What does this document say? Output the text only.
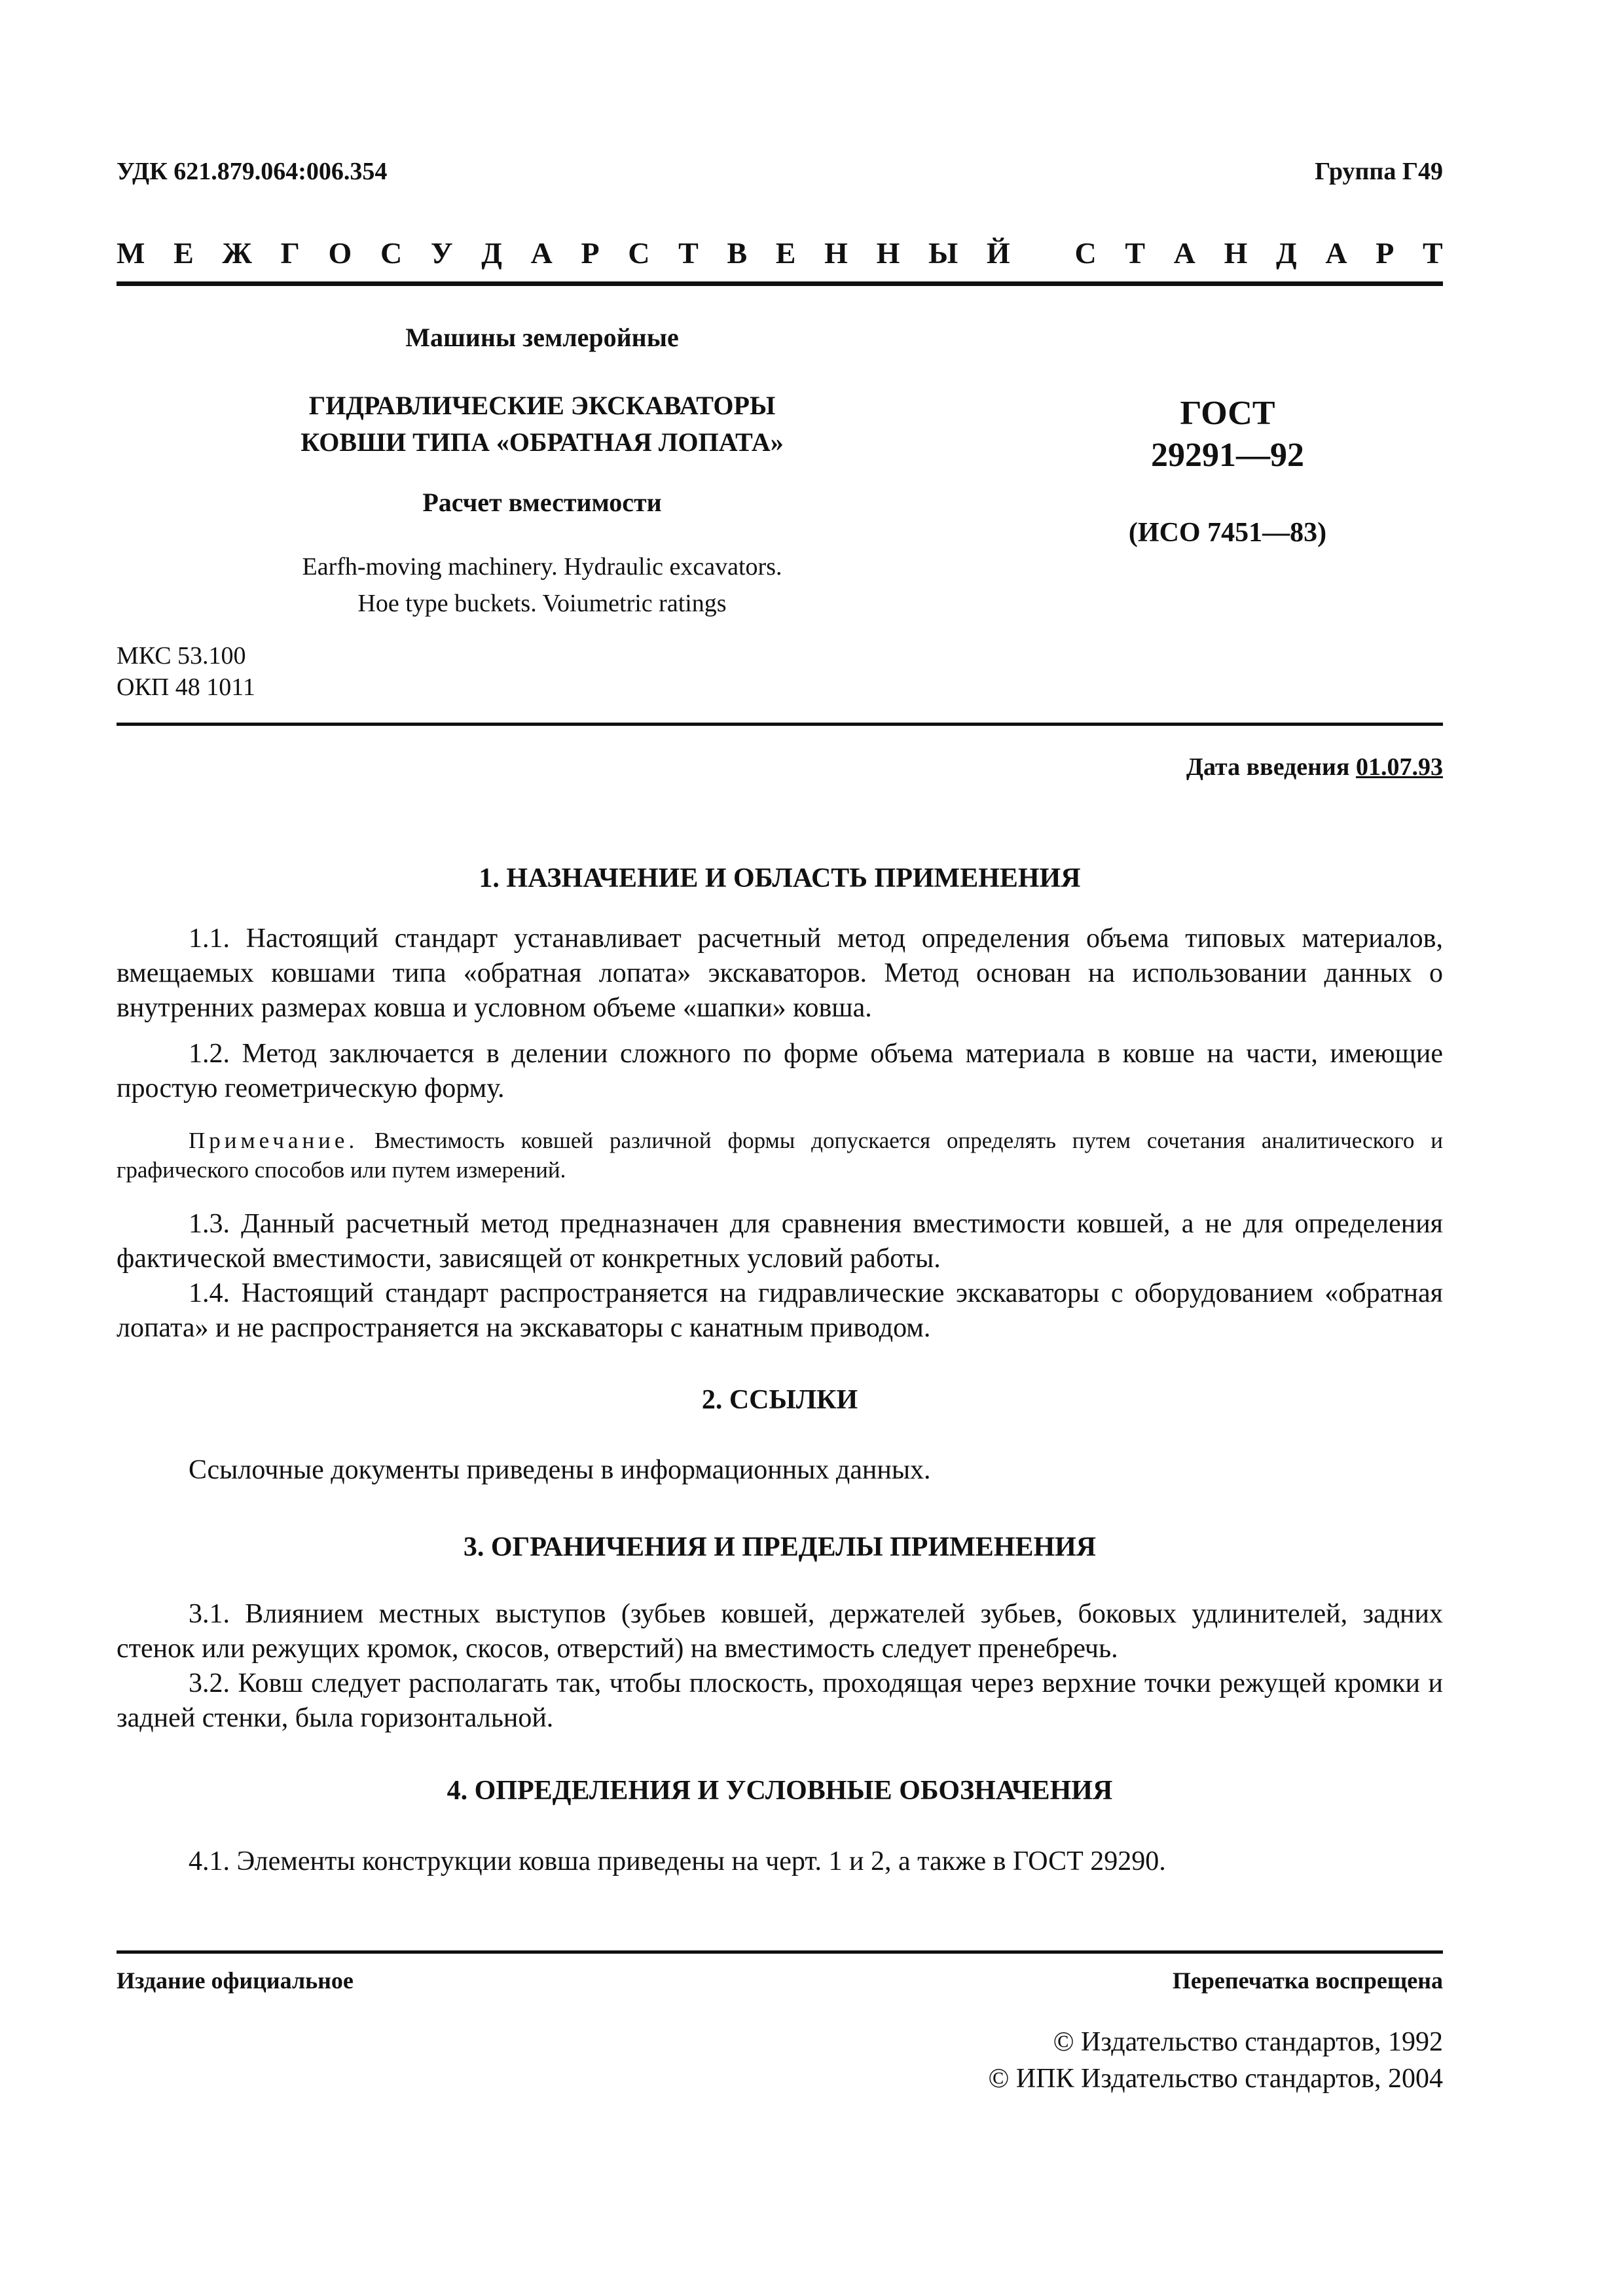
УДК 621.879.064:006.354	Группа Г49
М Е Ж Г О С У Д А Р С Т В Е Н Н Ы Й
С Т А Н Д А Р Т
Машины землеройные
ГИДРАВЛИЧЕСКИЕ ЭКСКАВАТОРЫ
КОВШИ ТИПА «ОБРАТНАЯ ЛОПАТА»
Расчет вместимости
Earfh-moving machinery. Hydraulic excavators.
Hoe type buckets. Voiumetric ratings
ГОСТ
29291—92
(ИСО 7451—83)
МКС 53.100
ОКП 48 1011
Дата введения 01.07.93
1. НАЗНАЧЕНИЕ И ОБЛАСТЬ ПРИМЕНЕНИЯ
1.1. Настоящий стандарт устанавливает расчетный метод определения объема типовых материалов, вмещаемых ковшами типа «обратная лопата» экскаваторов. Метод основан на использовании данных о внутренних размерах ковша и условном объеме «шапки» ковша.
1.2. Метод заключается в делении сложного по форме объема материала в ковше на части, имеющие простую геометрическую форму.
Примечание. Вместимость ковшей различной формы допускается определять путем сочетания аналитического и графического способов или путем измерений.
1.3. Данный расчетный метод предназначен для сравнения вместимости ковшей, а не для определения фактической вместимости, зависящей от конкретных условий работы.
1.4. Настоящий стандарт распространяется на гидравлические экскаваторы с оборудованием «обратная лопата» и не распространяется на экскаваторы с канатным приводом.
2. ССЫЛКИ
Ссылочные документы приведены в информационных данных.
3. ОГРАНИЧЕНИЯ И ПРЕДЕЛЫ ПРИМЕНЕНИЯ
3.1. Влиянием местных выступов (зубьев ковшей, держателей зубьев, боковых удлинителей, задних стенок или режущих кромок, скосов, отверстий) на вместимость следует пренебречь.
3.2. Ковш следует располагать так, чтобы плоскость, проходящая через верхние точки режущей кромки и задней стенки, была горизонтальной.
4. ОПРЕДЕЛЕНИЯ И УСЛОВНЫЕ ОБОЗНАЧЕНИЯ
4.1. Элементы конструкции ковша приведены на черт. 1 и 2, а также в ГОСТ 29290.
Издание официальное	Перепечатка воспрещена
© Издательство стандартов, 1992
© ИПК Издательство стандартов, 2004
